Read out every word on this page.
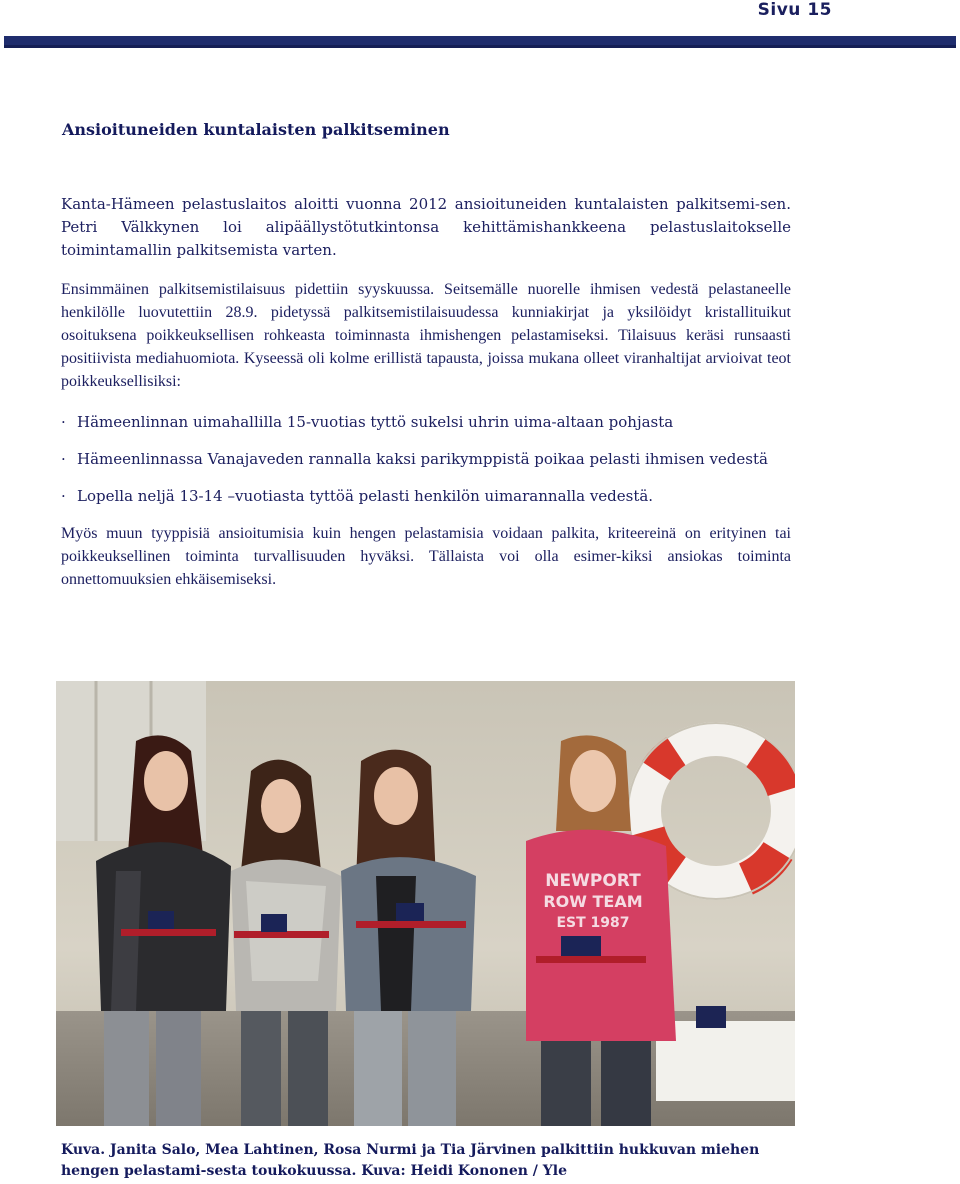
Sivu 15
Ansioituneiden kuntalaisten palkitseminen

Kanta-Hämeen pelastuslaitos aloitti vuonna 2012 ansioituneiden kuntalaisten palkitsemi-sen. Petri Välkkynen loi alipäällystötutkintonsa kehittämishankkeena pelastuslaitokselle toimintamallin palkitsemista varten.

Ensimmäinen palkitsemistilaisuus pidettiin syyskuussa. Seitsemälle nuorelle ihmisen vedestä pelastaneelle henkilölle luovutettiin 28.9. pidetyssä palkitsemistilaisuudessa kunniakirjat ja yksilöidyt kristallituikut osoituksena poikkeuksellisen rohkeasta toiminnasta ihmishengen pelastamiseksi. Tilaisuus keräsi runsaasti positiivista mediahuomiota. Kyseessä oli kolme erillistä tapausta, joissa mukana olleet viranhaltijat arvioivat teot poikkeuksellisiksi:

· Hämeenlinnan uimahallilla 15-vuotias tyttö sukelsi uhrin uima-altaan pohjasta
· Hämeenlinnassa Vanajaveden rannalla kaksi parikymppistä poikaa pelasti ihmisen vedestä
· Lopella neljä 13-14 –vuotiasta tyttöä pelasti henkilön uimarannalla vedestä.

Myös muun tyyppisiä ansioitumisia kuin hengen pelastamisia voidaan palkita, kriteereinä on erityinen tai poikkeuksellinen toiminta turvallisuuden hyväksi. Tällaista voi olla esimer-kiksi ansiokas toiminta onnettomuuksien ehkäisemiseksi.

NEWPORT
ROW TEAM
EST 1987

Kuva. Janita Salo, Mea Lahtinen, Rosa Nurmi ja Tia Järvinen palkittiin hukkuvan miehen hengen pelastami-sesta toukokuussa. Kuva: Heidi Kononen / Yle
